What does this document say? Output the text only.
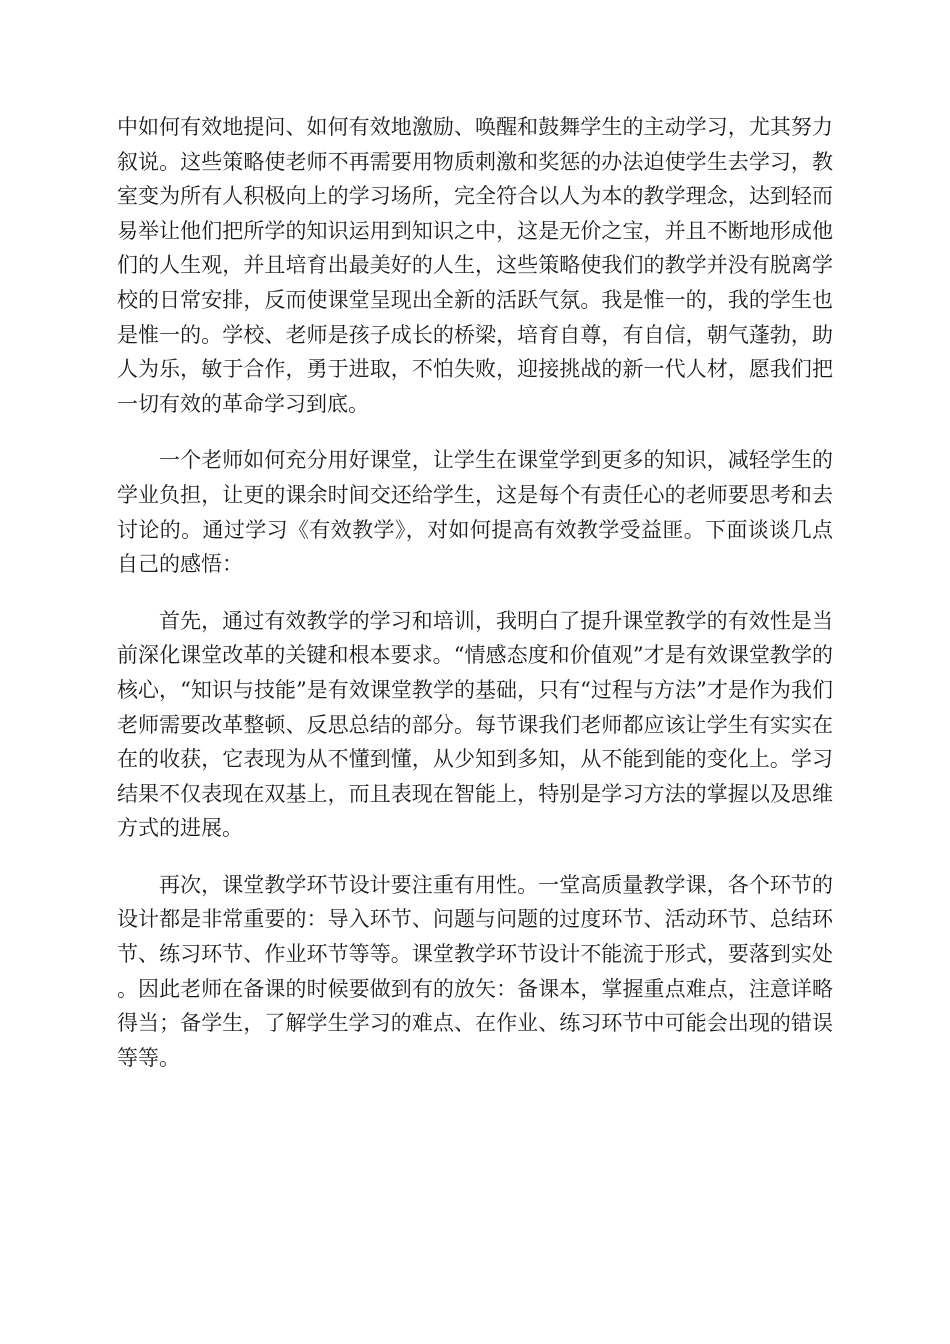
中如何有效地提问、如何有效地激励、唤醒和鼓舞学生的主动学习，尤其努力叙说。这些策略使老师不再需要用物质刺激和奖惩的办法迫使学生去学习，教室变为所有人积极向上的学习场所，完全符合以人为本的教学理念，达到轻而易举让他们把所学的知识运用到知识之中，这是无价之宝，并且不断地形成他们的人生观，并且培育出最美好的人生，这些策略使我们的教学并没有脱离学校的日常安排，反而使课堂呈现出全新的活跃气氛。我是惟一的，我的学生也是惟一的。学校、老师是孩子成长的桥梁，培育自尊，有自信，朝气蓬勃，助人为乐，敏于合作，勇于进取，不怕失败，迎接挑战的新一代人材，愿我们把一切有效的革命学习到底。

一个老师如何充分用好课堂，让学生在课堂学到更多的知识，减轻学生的学业负担，让更的课余时间交还给学生，这是每个有责任心的老师要思考和去讨论的。通过学习《有效教学》，对如何提高有效教学受益匪。下面谈谈几点自己的感悟：

首先，通过有效教学的学习和培训，我明白了提升课堂教学的有效性是当前深化课堂改革的关键和根本要求。“情感态度和价值观”才是有效课堂教学的核心，“知识与技能”是有效课堂教学的基础，只有“过程与方法”才是作为我们老师需要改革整顿、反思总结的部分。每节课我们老师都应该让学生有实实在在的收获，它表现为从不懂到懂，从少知到多知，从不能到能的变化上。学习结果不仅表现在双基上，而且表现在智能上，特别是学习方法的掌握以及思维方式的进展。

再次，课堂教学环节设计要注重有用性。一堂高质量教学课，各个环节的设计都是非常重要的：导入环节、问题与问题的过度环节、活动环节、总结环节、练习环节、作业环节等等。课堂教学环节设计不能流于形式，要落到实处。因此老师在备课的时候要做到有的放矢：备课本，掌握重点难点，注意详略得当；备学生，了解学生学习的难点、在作业、练习环节中可能会出现的错误等等。
